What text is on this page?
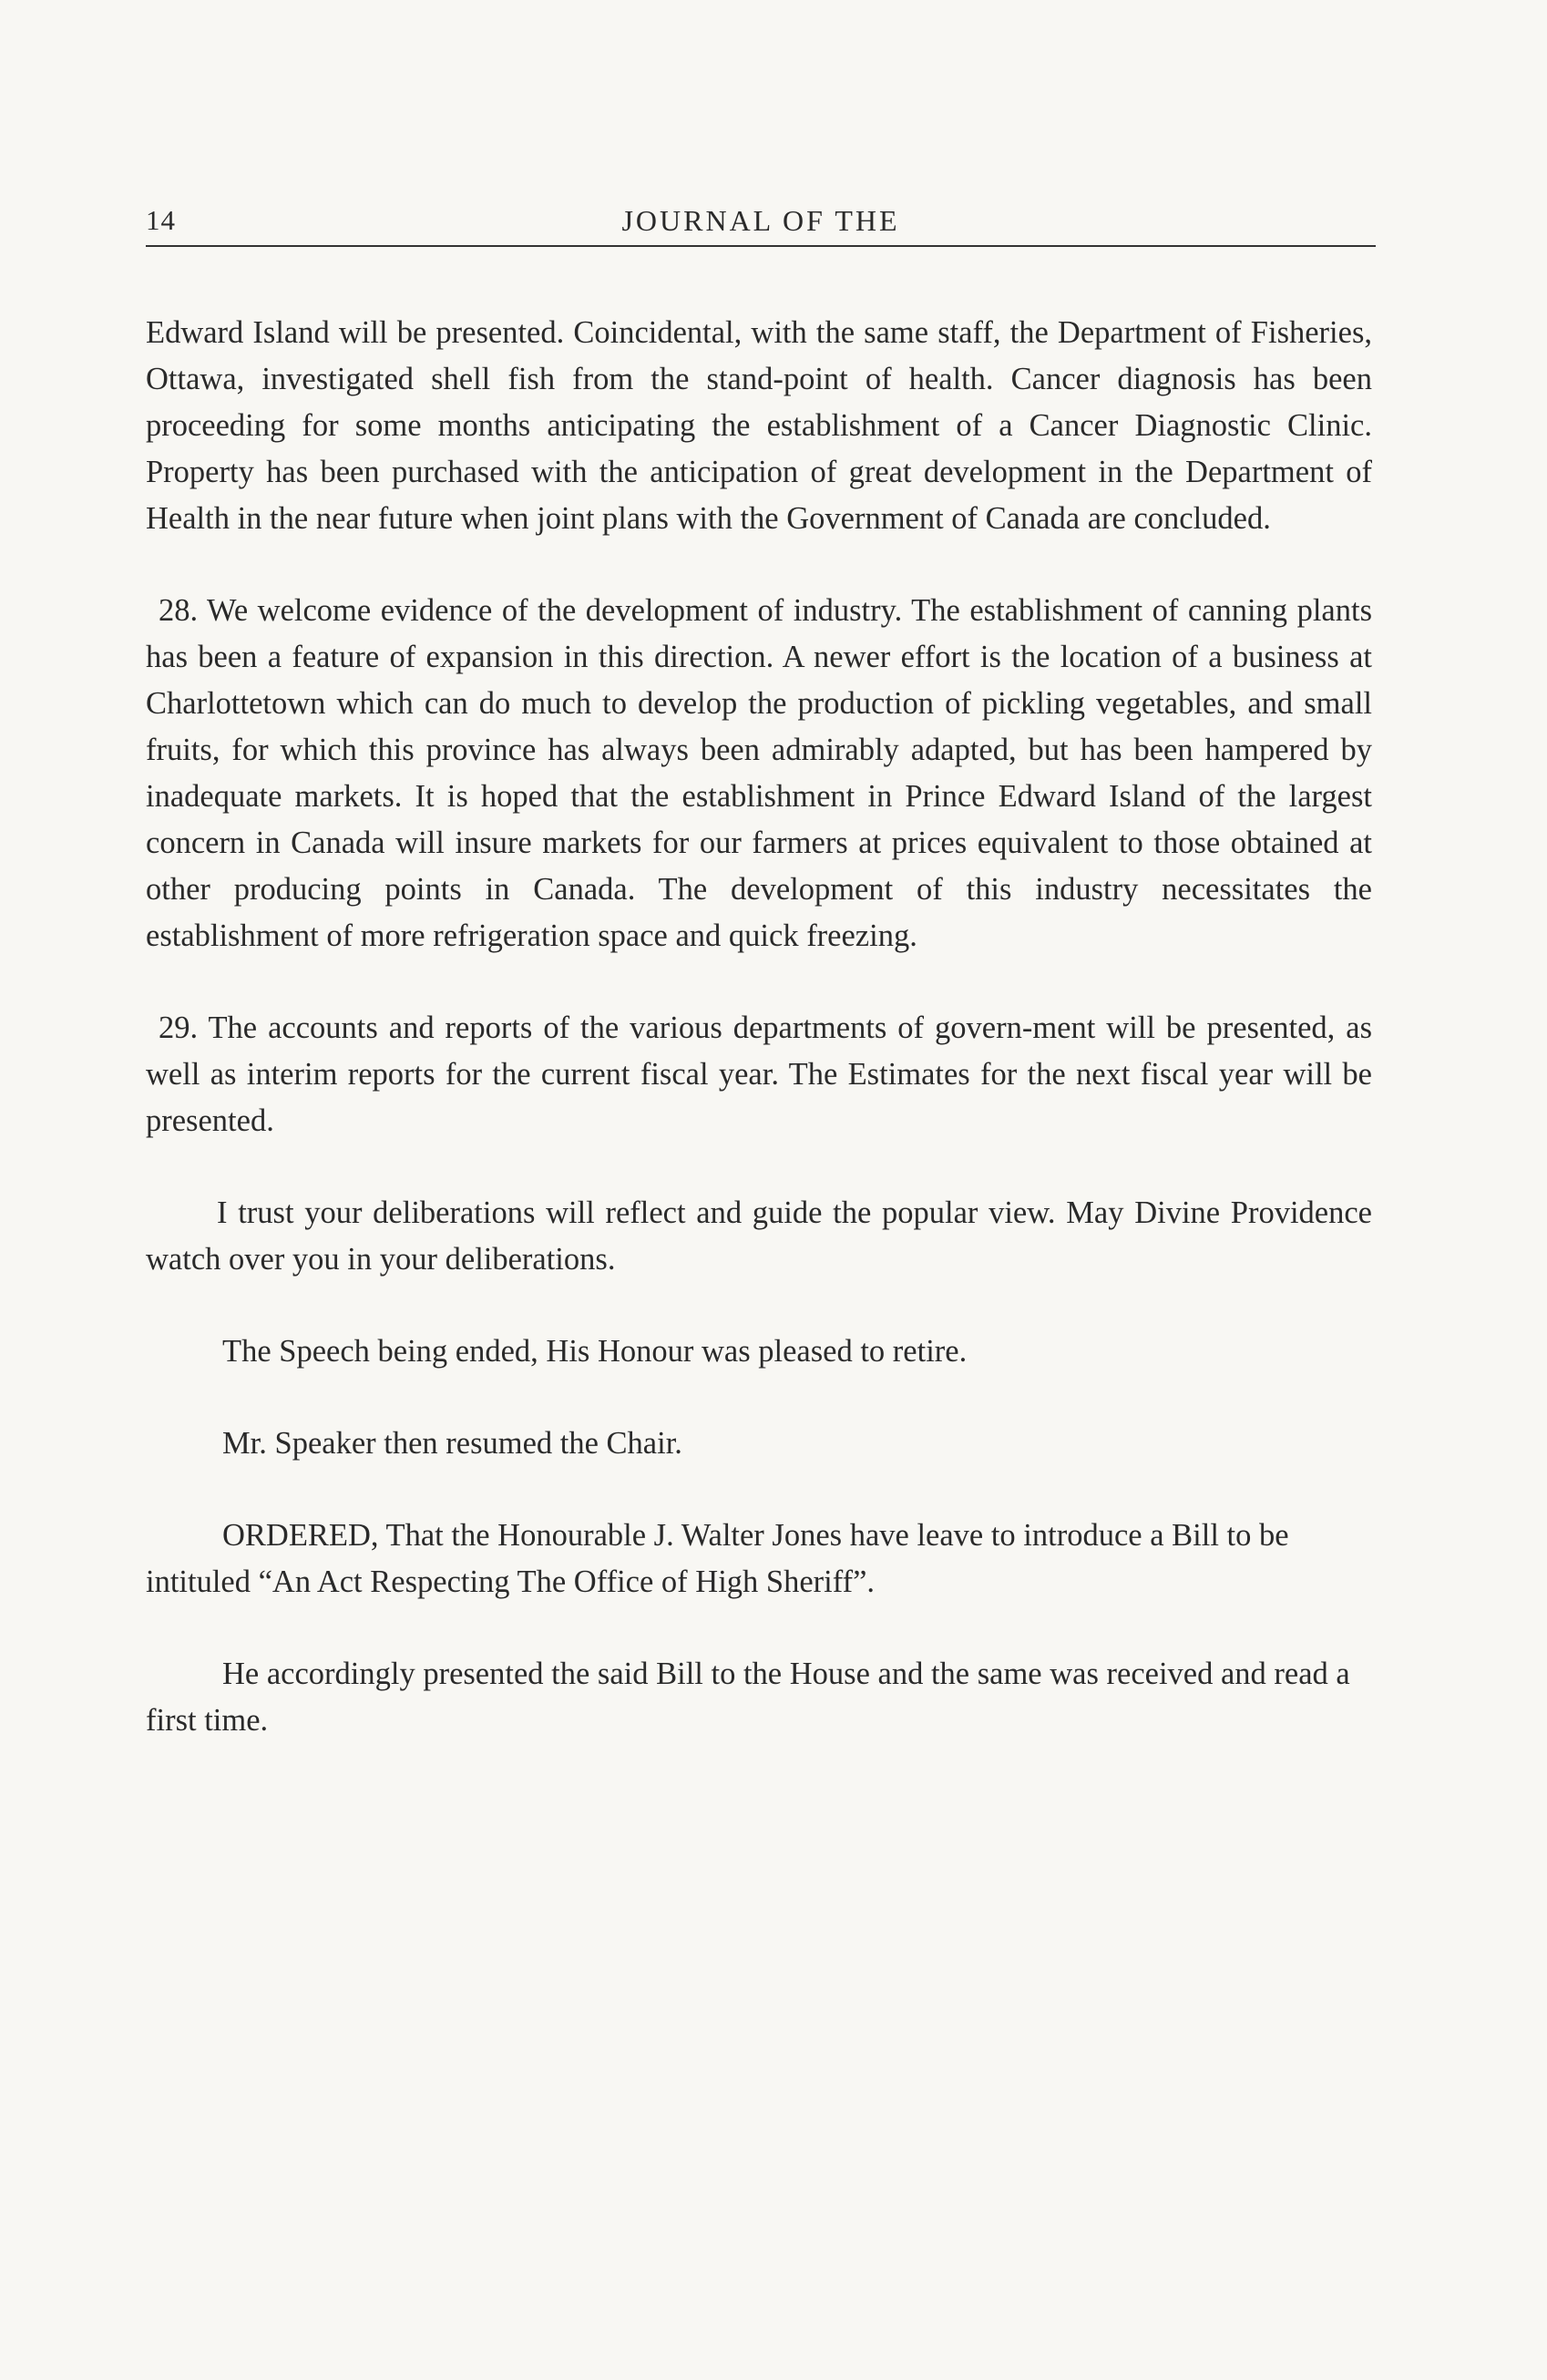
14	JOURNAL OF THE

Edward Island will be presented. Coincidental, with the same staff, the Department of Fisheries, Ottawa, investigated shell fish from the stand-point of health. Cancer diagnosis has been proceeding for some months anticipating the establishment of a Cancer Diagnostic Clinic. Property has been purchased with the anticipation of great development in the Department of Health in the near future when joint plans with the Government of Canada are concluded.

28. We welcome evidence of the development of industry. The establishment of canning plants has been a feature of expansion in this direction. A newer effort is the location of a business at Charlottetown which can do much to develop the production of pickling vegetables, and small fruits, for which this province has always been admirably adapted, but has been hampered by inadequate markets. It is hoped that the establishment in Prince Edward Island of the largest concern in Canada will insure markets for our farmers at prices equivalent to those obtained at other producing points in Canada. The development of this industry necessitates the establishment of more refrigeration space and quick freezing.

29. The accounts and reports of the various departments of govern-ment will be presented, as well as interim reports for the current fiscal year. The Estimates for the next fiscal year will be presented.

I trust your deliberations will reflect and guide the popular view. May Divine Providence watch over you in your deliberations.

The Speech being ended, His Honour was pleased to retire.

Mr. Speaker then resumed the Chair.

ORDERED, That the Honourable J. Walter Jones have leave to introduce a Bill to be intituled “An Act Respecting The Office of High Sheriff”.

He accordingly presented the said Bill to the House and the same was received and read a first time.
